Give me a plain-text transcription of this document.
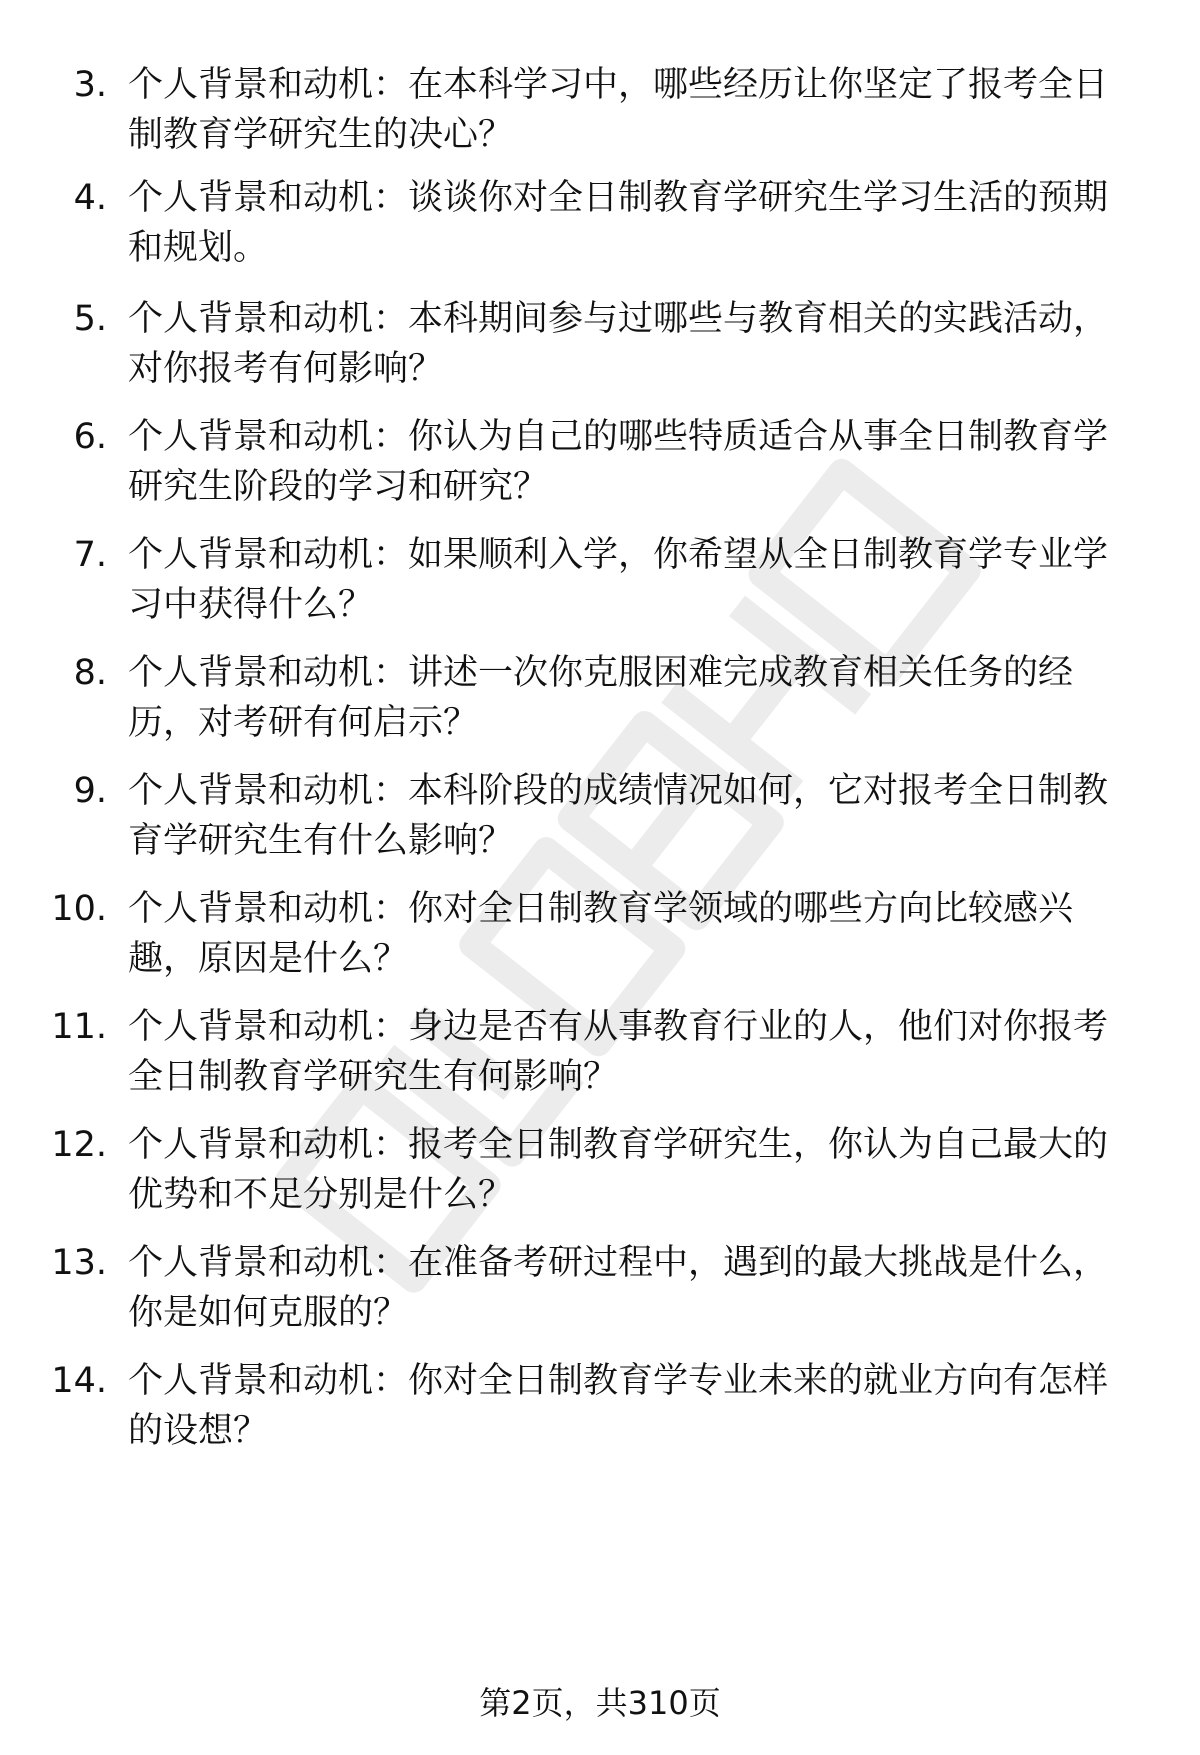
3. 个人背景和动机：在本科学习中，哪些经历让你坚定了报考全日制教育学研究生的决心？
4. 个人背景和动机：谈谈你对全日制教育学研究生学习生活的预期和规划。
5. 个人背景和动机：本科期间参与过哪些与教育相关的实践活动，对你报考有何影响？
6. 个人背景和动机：你认为自己的哪些特质适合从事全日制教育学研究生阶段的学习和研究？
7. 个人背景和动机：如果顺利入学，你希望从全日制教育学专业学习中获得什么？
8. 个人背景和动机：讲述一次你克服困难完成教育相关任务的经历，对考研有何启示？
9. 个人背景和动机：本科阶段的成绩情况如何，它对报考全日制教育学研究生有什么影响？
10. 个人背景和动机：你对全日制教育学领域的哪些方向比较感兴趣，原因是什么？
11. 个人背景和动机：身边是否有从事教育行业的人，他们对你报考全日制教育学研究生有何影响？
12. 个人背景和动机：报考全日制教育学研究生，你认为自己最大的优势和不足分别是什么？
13. 个人背景和动机：在准备考研过程中，遇到的最大挑战是什么，你是如何克服的？
14. 个人背景和动机：你对全日制教育学专业未来的就业方向有怎样的设想？
第2页，共310页
